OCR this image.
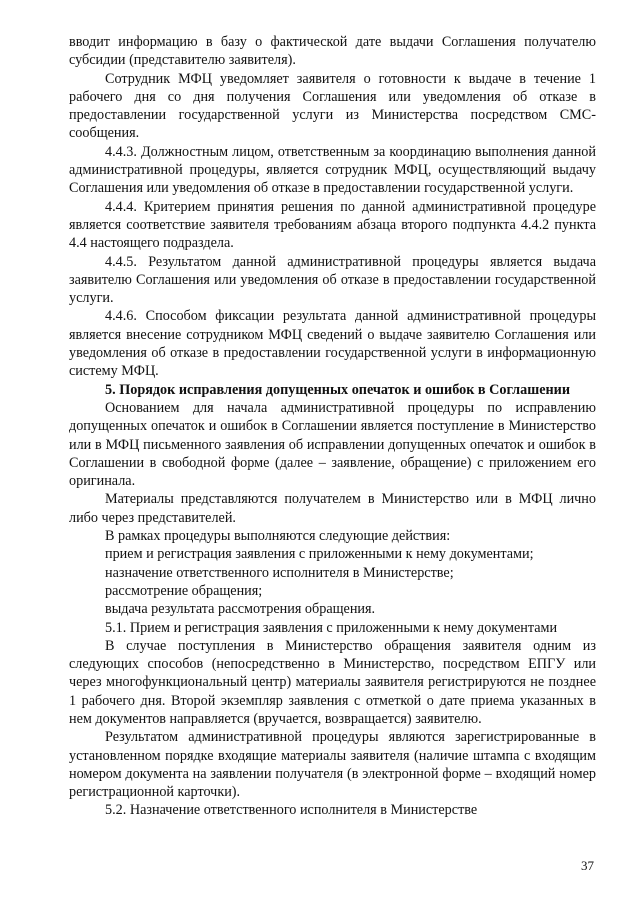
вводит информацию в базу о фактической дате выдачи Соглашения получателю субсидии (представителю заявителя).

Сотрудник МФЦ уведомляет заявителя о готовности к выдаче в течение 1 рабочего дня со дня получения Соглашения или уведомления об отказе в предоставлении государственной услуги из Министерства посредством СМС-сообщения.

4.4.3. Должностным лицом, ответственным за координацию выполнения данной административной процедуры, является сотрудник МФЦ, осуществляющий выдачу Соглашения или уведомления об отказе в предоставлении государственной услуги.

4.4.4. Критерием принятия решения по данной административной процедуре является соответствие заявителя требованиям абзаца второго подпункта 4.4.2 пункта 4.4 настоящего подраздела.

4.4.5. Результатом данной административной процедуры является выдача заявителю Соглашения или уведомления об отказе в предоставлении государственной услуги.

4.4.6. Способом фиксации результата данной административной процедуры является внесение сотрудником МФЦ сведений о выдаче заявителю Соглашения или уведомления об отказе в предоставлении государственной услуги в информационную систему МФЦ.

5. Порядок исправления допущенных опечаток и ошибок в Соглашении

Основанием для начала административной процедуры по исправлению допущенных опечаток и ошибок в Соглашении является поступление в Министерство или в МФЦ письменного заявления об исправлении допущенных опечаток и ошибок в Соглашении в свободной форме (далее – заявление, обращение) с приложением его оригинала.

Материалы представляются получателем в Министерство или в МФЦ лично либо через представителей.

В рамках процедуры выполняются следующие действия:

прием и регистрация заявления с приложенными к нему документами;

назначение ответственного исполнителя в Министерстве;

рассмотрение обращения;

выдача результата рассмотрения обращения.

5.1. Прием и регистрация заявления с приложенными к нему документами

В случае поступления в Министерство обращения заявителя одним из следующих способов (непосредственно в Министерство, посредством ЕПГУ или через многофункциональный центр) материалы заявителя регистрируются не позднее 1 рабочего дня. Второй экземпляр заявления с отметкой о дате приема указанных в нем документов направляется (вручается, возвращается) заявителю.

Результатом административной процедуры являются зарегистрированные в установленном порядке входящие материалы заявителя (наличие штампа с входящим номером документа на заявлении получателя (в электронной форме – входящий номер регистрационной карточки).

5.2. Назначение ответственного исполнителя в Министерстве

37
